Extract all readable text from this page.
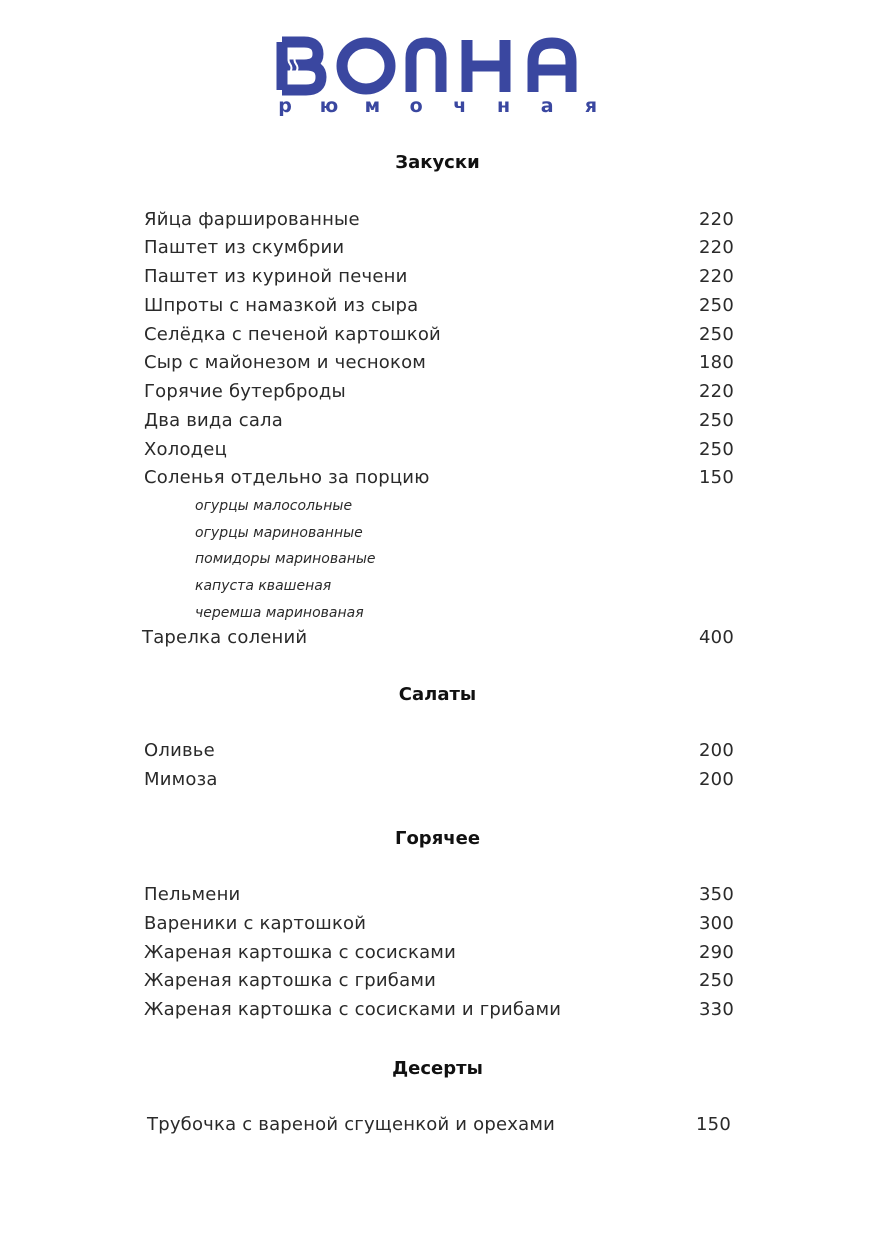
ВОЛНА
р ю м о ч н а я
Закуски
Яйца фаршированные	220
Паштет из скумбрии	220
Паштет из куриной печени	220
Шпроты с намазкой из сыра	250
Селёдка с печеной картошкой	250
Сыр с майонезом и чесноком	180
Горячие бутерброды	220
Два вида сала	250
Холодец	250
Соленья отдельно за порцию	150
огурцы малосольные
огурцы маринованные
помидоры маринованые
капуста квашеная
черемша маринованая
Тарелка солений	400
Салаты
Оливье	200
Мимоза	200
Горячее
Пельмени	350
Вареники с картошкой	300
Жареная картошка с сосисками	290
Жареная картошка с грибами	250
Жареная картошка с сосисками и грибами	330
Десерты
Трубочка с вареной сгущенкой и орехами	150
